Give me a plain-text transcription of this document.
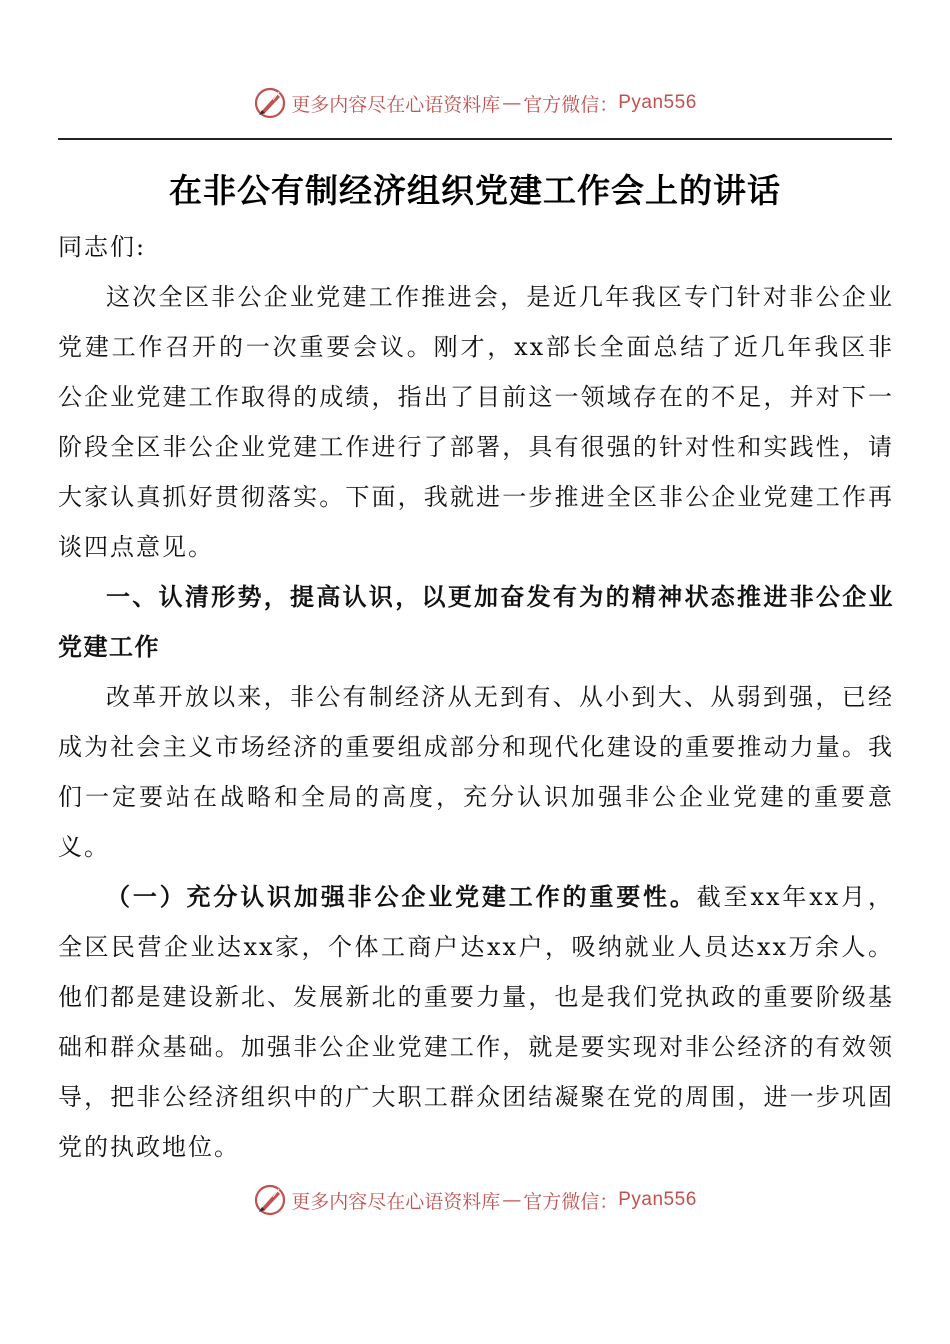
更多内容尽在心语资料库 — 官方微信： Pyan556
在非公有制经济组织党建工作会上的讲话

同志们:

这次全区非公企业党建工作推进会，是近几年我区专门针对非公企业党建工作召开的一次重要会议。刚才，xx部长全面总结了近几年我区非公企业党建工作取得的成绩，指出了目前这一领域存在的不足，并对下一阶段全区非公企业党建工作进行了部署，具有很强的针对性和实践性，请大家认真抓好贯彻落实。下面，我就进一步推进全区非公企业党建工作再谈四点意见。

一、认清形势，提高认识，以更加奋发有为的精神状态推进非公企业党建工作

改革开放以来，非公有制经济从无到有、从小到大、从弱到强，已经成为社会主义市场经济的重要组成部分和现代化建设的重要推动力量。我们一定要站在战略和全局的高度，充分认识加强非公企业党建的重要意义。

（一）充分认识加强非公企业党建工作的重要性。截至xx年xx月，全区民营企业达xx家，个体工商户达xx户，吸纳就业人员达xx万余人。他们都是建设新北、发展新北的重要力量，也是我们党执政的重要阶级基础和群众基础。加强非公企业党建工作，就是要实现对非公经济的有效领导，把非公经济组织中的广大职工群众团结凝聚在党的周围，进一步巩固党的执政地位。

更多内容尽在心语资料库 — 官方微信： Pyan556
